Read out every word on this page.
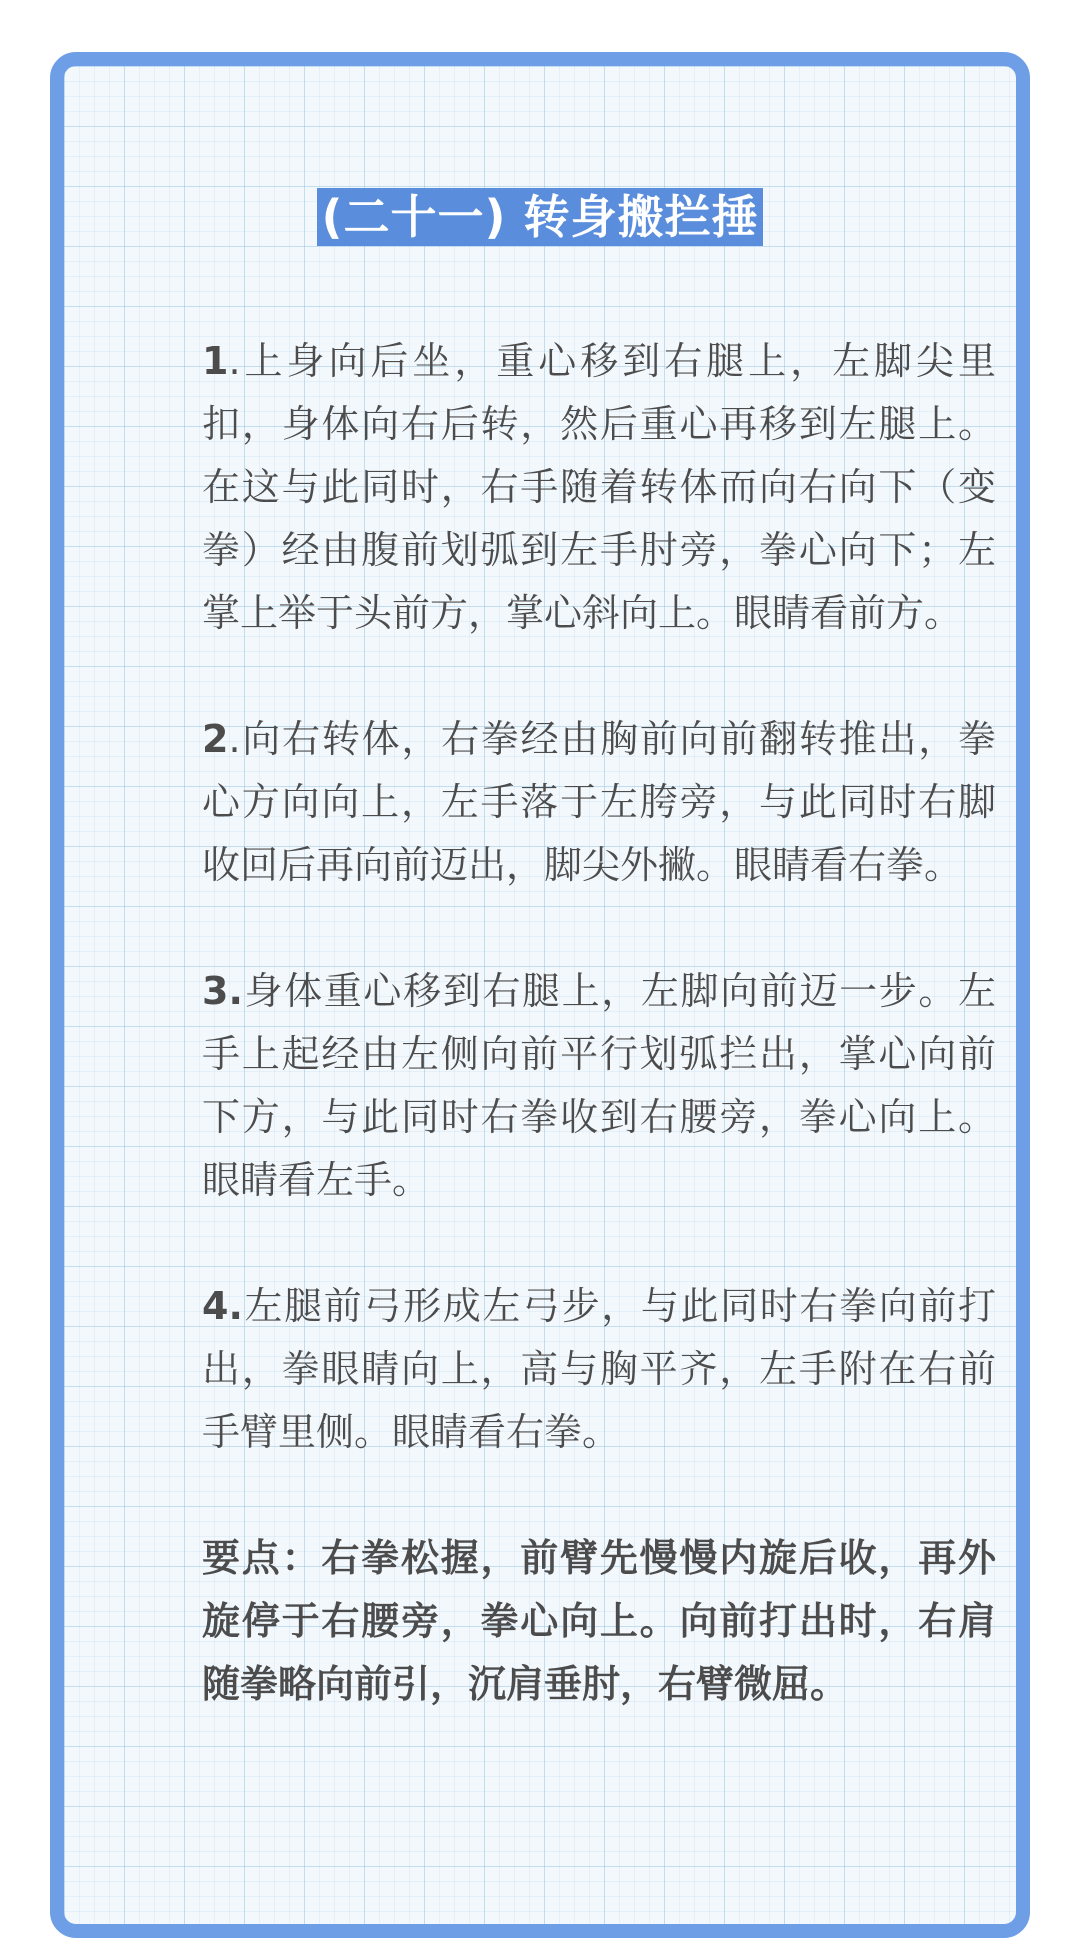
(二十一) 转身搬拦捶

1.上身向后坐，重心移到右腿上，左脚尖里扣，身体向右后转，然后重心再移到左腿上。在这与此同时，右手随着转体而向右向下（变拳）经由腹前划弧到左手肘旁，拳心向下；左掌上举于头前方，掌心斜向上。眼睛看前方。

2.向右转体，右拳经由胸前向前翻转推出，拳心方向向上，左手落于左胯旁，与此同时右脚收回后再向前迈出，脚尖外撇。眼睛看右拳。

3.身体重心移到右腿上，左脚向前迈一步。左手上起经由左侧向前平行划弧拦出，掌心向前下方，与此同时右拳收到右腰旁，拳心向上。眼睛看左手。

4.左腿前弓形成左弓步，与此同时右拳向前打出，拳眼睛向上，高与胸平齐，左手附在右前手臂里侧。眼睛看右拳。

要点：右拳松握，前臂先慢慢内旋后收，再外旋停于右腰旁，拳心向上。向前打出时，右肩随拳略向前引，沉肩垂肘，右臂微屈。
